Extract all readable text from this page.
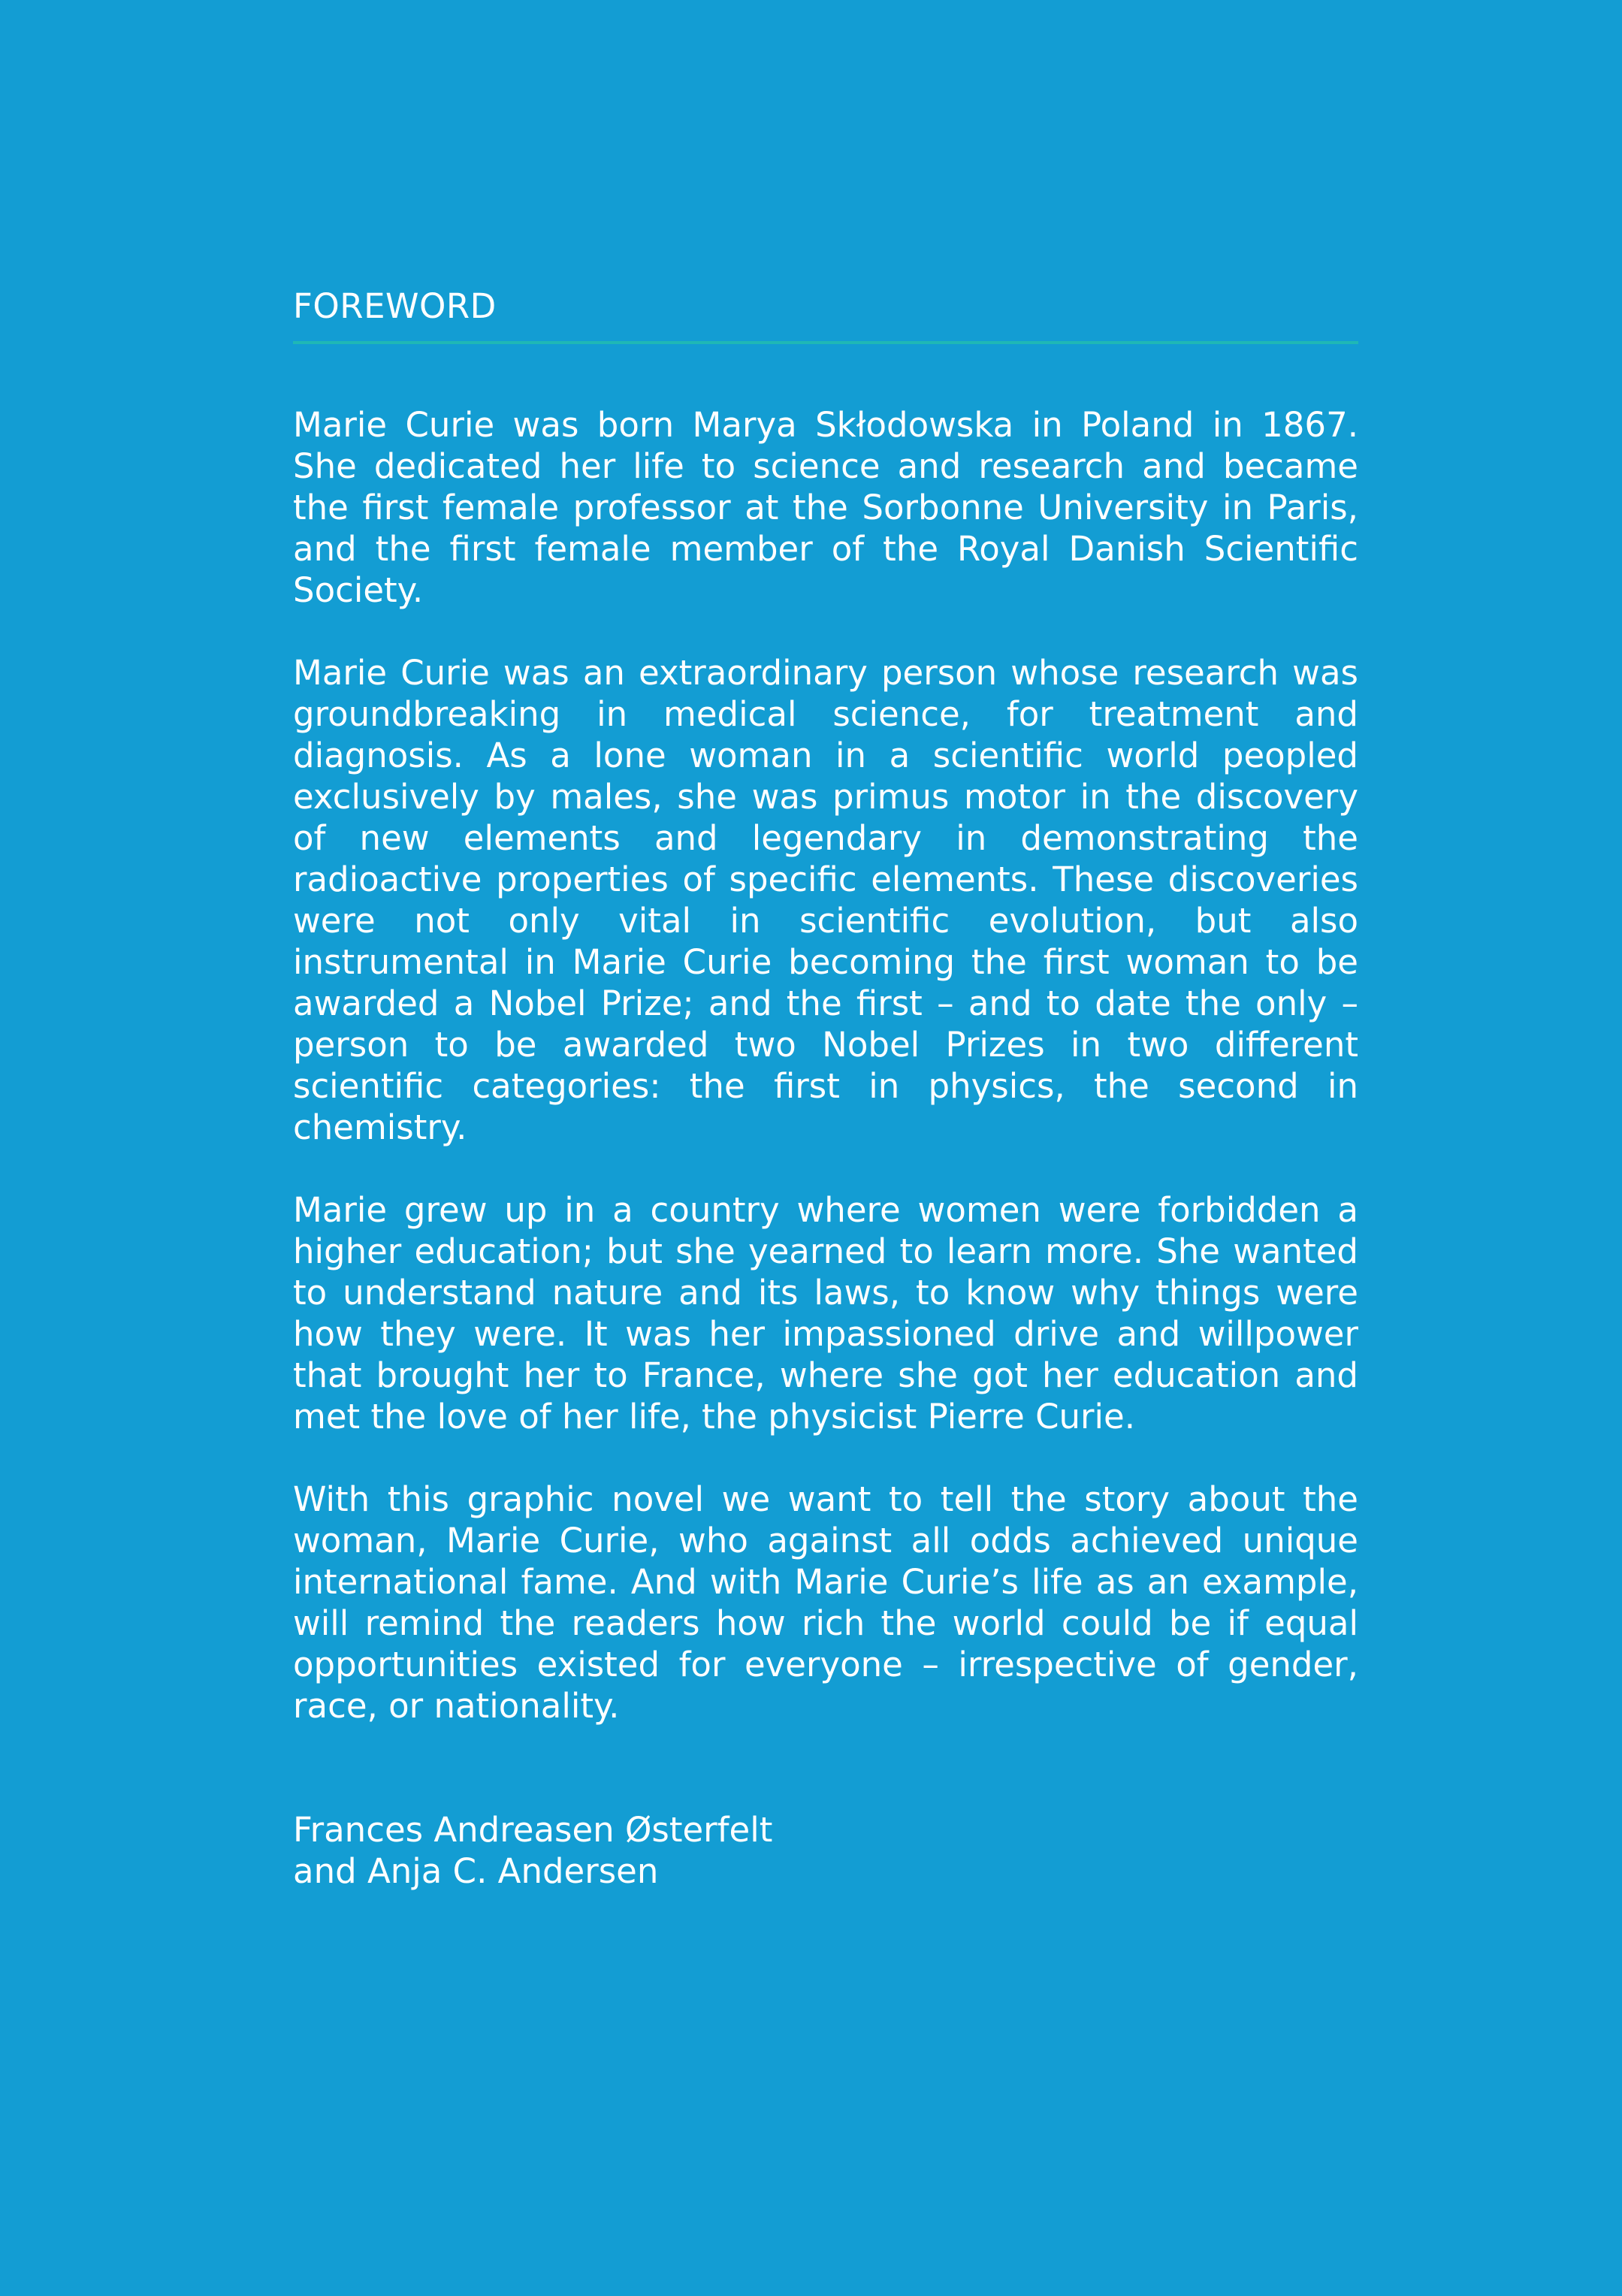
FOREWORD

Marie Curie was born Marya Skłodowska in Poland in 1867. She dedicated her life to science and research and became the first female professor at the Sorbonne University in Paris, and the first female member of the Royal Danish Scientific Society.

Marie Curie was an extraordinary person whose research was groundbreaking in medical science, for treatment and diagnosis. As a lone woman in a scientific world peopled exclusively by males, she was primus motor in the discovery of new elements and legendary in demonstrating the radioactive properties of specific elements. These discoveries were not only vital in scientific evolution, but also instrumental in Marie Curie becoming the first woman to be awarded a Nobel Prize; and the first – and to date the only – person to be awarded two Nobel Prizes in two different scientific categories: the first in physics, the second in chemistry.

Marie grew up in a country where women were forbidden a higher education; but she yearned to learn more. She wanted to understand nature and its laws, to know why things were how they were. It was her impassioned drive and willpower that brought her to France, where she got her education and met the love of her life, the physicist Pierre Curie.

With this graphic novel we want to tell the story about the woman, Marie Curie, who against all odds achieved unique international fame. And with Marie Curie’s life as an example, will remind the readers how rich the world could be if equal opportunities existed for everyone – irrespective of gender, race, or nationality.

Frances Andreasen Østerfelt
and Anja C. Andersen
